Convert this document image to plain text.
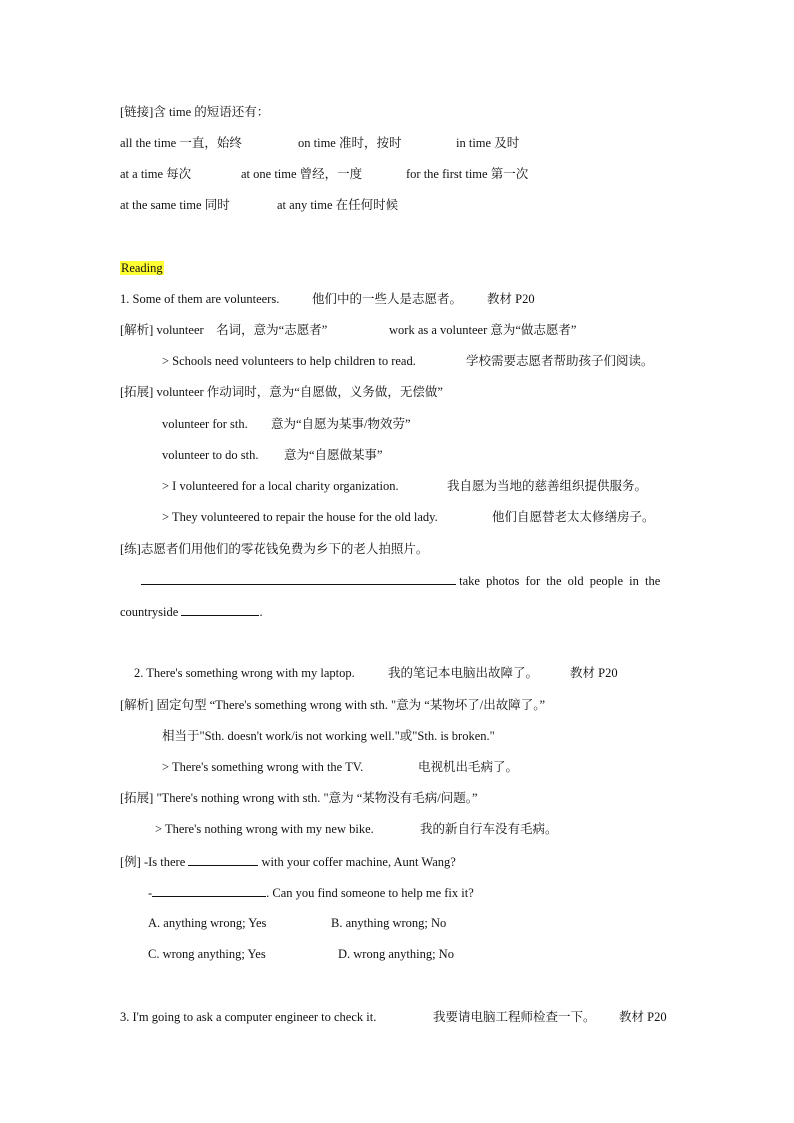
[链接]含 time 的短语还有：
all the time 一直，始终	on time 准时，按时	in time 及时
at a time 每次	at one time 曾经，一度	for the first time 第一次
at the same time 同时	at any time 在任何时候
Reading
1. Some of them are volunteers.	他们中的一些人是志愿者。 教材 P20
[解析] volunteer　名词，意为“志愿者”	work as a volunteer 意为“做志愿者”
> Schools need volunteers to help children to read.	学校需要志愿者帮助孩子们阅读。
[拓展] volunteer 作动词时，意为“自愿做，义务做，无偿做”
volunteer for sth. 意为“自愿为某事/物效劳”
volunteer to do sth. 意为“自愿做某事”
> I volunteered for a local charity organization.	我自愿为当地的慈善组织提供服务。
> They volunteered to repair the house for the old lady.	他们自愿替老太太修缮房子。
[练]志愿者们用他们的零花钱免费为乡下的老人拍照片。
take photos for the old people in the
countryside	.
2. There's something wrong with my laptop.	我的笔记本电脑出故障了。	教材 P20
[解析] 固定句型 “There's something wrong with sth. "意为 “某物坏了/出故障了。”
相当于"Sth. doesn't work/is not working well."或"Sth. is broken."
> There's something wrong with the TV.	电视机出毛病了。
[拓展] "There's nothing wrong with sth. "意为 “某物没有毛病/问题。”
> There's nothing wrong with my new bike.	我的新自行车没有毛病。
[例] -Is there	with your coffer machine, Aunt Wang?
-	. Can you find someone to help me fix it?
A. anything wrong; Yes	B. anything wrong; No
C. wrong anything; Yes	D. wrong anything; No
3. I'm going to ask a computer engineer to check it.	我要请电脑工程师检查一下。 教材 P20
